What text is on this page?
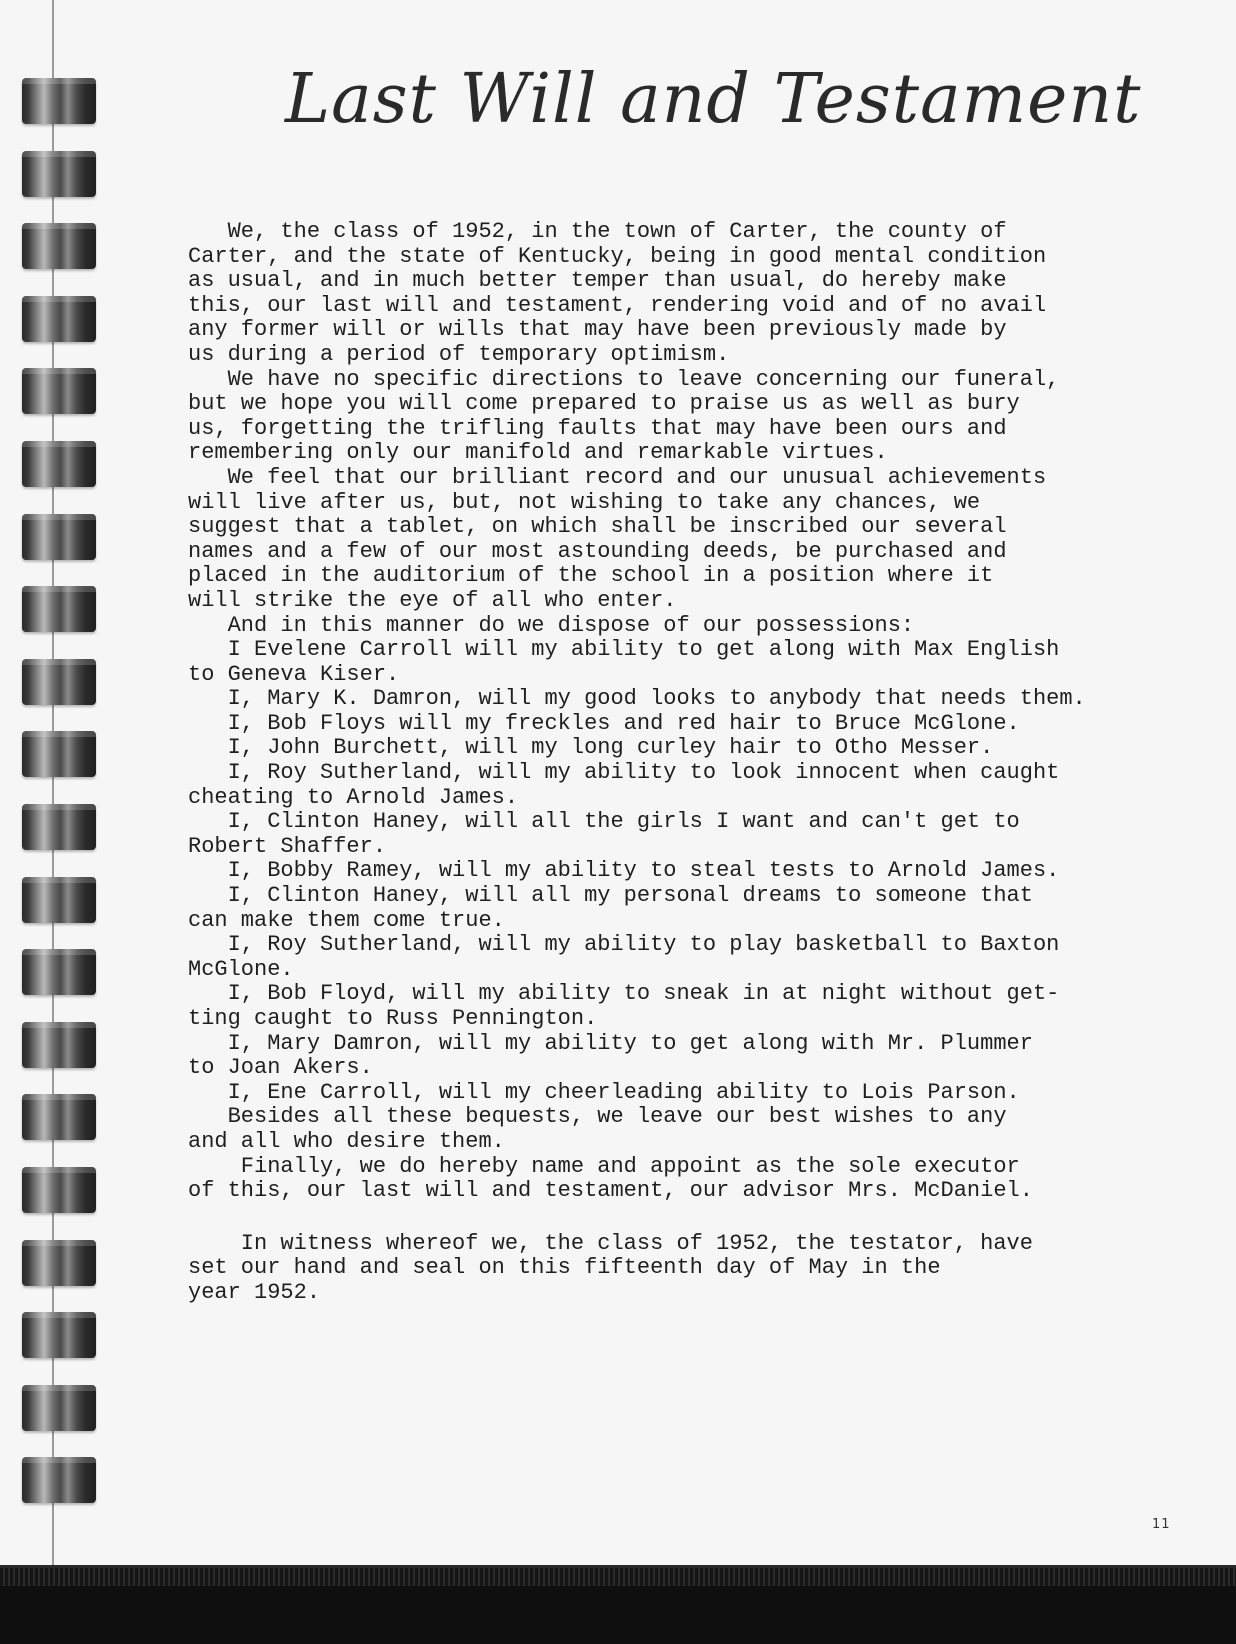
Last Will and Testament
We, the class of 1952, in the town of Carter, the county of
Carter, and the state of Kentucky, being in good mental condition
as usual, and in much better temper than usual, do hereby make
this, our last will and testament, rendering void and of no avail
any former will or wills that may have been previously made by
us during a period of temporary optimism.
We have no specific directions to leave concerning our funeral,
but we hope you will come prepared to praise us as well as bury
us, forgetting the trifling faults that may have been ours and
remembering only our manifold and remarkable virtues.
We feel that our brilliant record and our unusual achievements
will live after us, but, not wishing to take any chances, we
suggest that a tablet, on which shall be inscribed our several
names and a few of our most astounding deeds, be purchased and
placed in the auditorium of the school in a position where it
will strike the eye of all who enter.
And in this manner do we dispose of our possessions:
I Evelene Carroll will my ability to get along with Max English
to Geneva Kiser.
I, Mary K. Damron, will my good looks to anybody that needs them.
I, Bob Floys will my freckles and red hair to Bruce McGlone.
I, John Burchett, will my long curley hair to Otho Messer.
I, Roy Sutherland, will my ability to look innocent when caught
cheating to Arnold James.
I, Clinton Haney, will all the girls I want and can't get to
Robert Shaffer.
I, Bobby Ramey, will my ability to steal tests to Arnold James.
I, Clinton Haney, will all my personal dreams to someone that
can make them come true.
I, Roy Sutherland, will my ability to play basketball to Baxton
McGlone.
I, Bob Floyd, will my ability to sneak in at night without get-
ting caught to Russ Pennington.
I, Mary Damron, will my ability to get along with Mr. Plummer
to Joan Akers.
I, Ene Carroll, will my cheerleading ability to Lois Parson.
Besides all these bequests, we leave our best wishes to any
and all who desire them.
Finally, we do hereby name and appoint as the sole executor
of this, our last will and testament, our advisor Mrs. McDaniel.
In witness whereof we, the class of 1952, the testator, have
set our hand and seal on this fifteenth day of May in the
year 1952.
11
